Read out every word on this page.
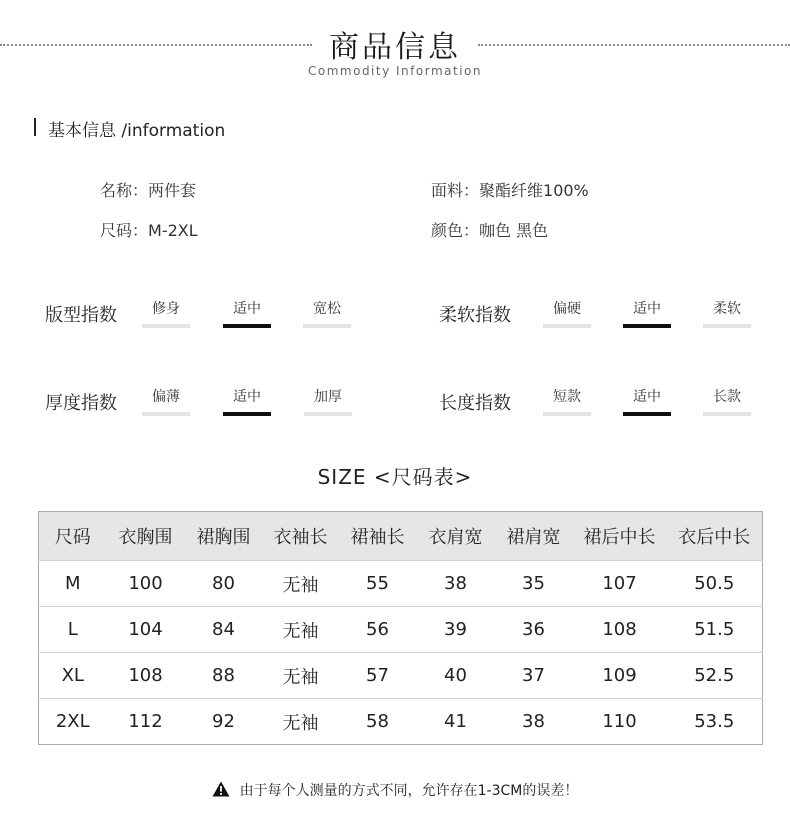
商品信息
Commodity Information
基本信息 /information
名称：两件套	面料：聚酯纤维100%
尺码：M-2XL	颜色：咖色 黑色
版型指数	修身	适中	宽松	柔软指数	偏硬	适中	柔软
厚度指数	偏薄	适中	加厚	长度指数	短款	适中	长款
SIZE <尺码表>
尺码	衣胸围	裙胸围	衣袖长	裙袖长	衣肩宽	裙肩宽	裙后中长	衣后中长
M	100	80	无袖	55	38	35	107	50.5
L	104	84	无袖	56	39	36	108	51.5
XL	108	88	无袖	57	40	37	109	52.5
2XL	112	92	无袖	58	41	38	110	53.5
由于每个人测量的方式不同，允许存在1-3CM的误差！
